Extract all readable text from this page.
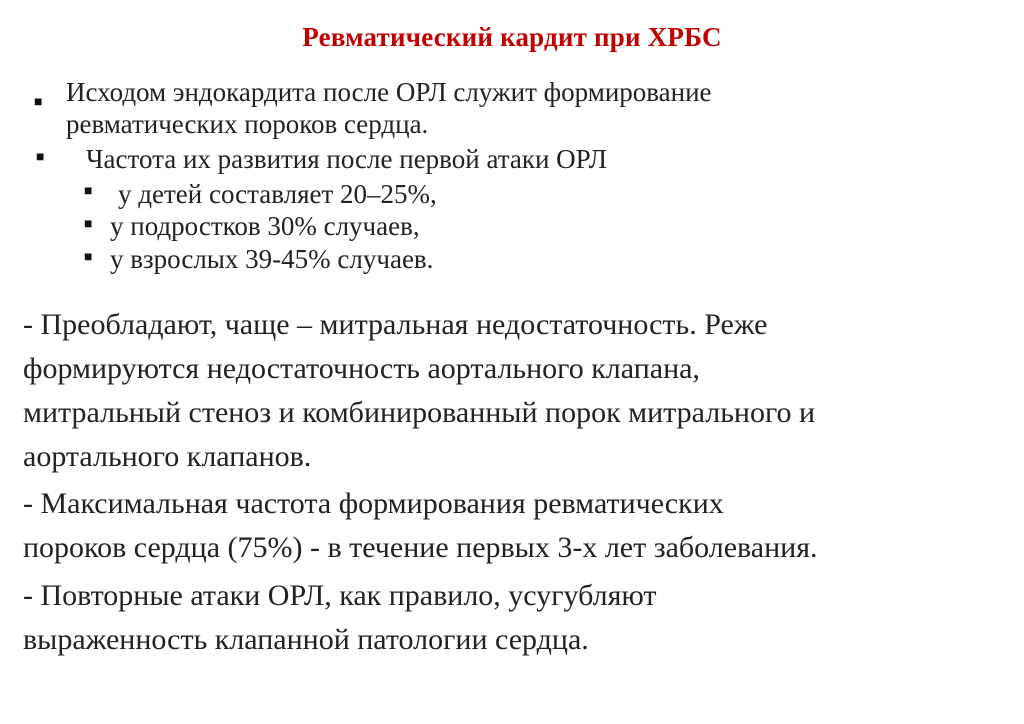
Ревматический кардит при ХРБС
■ Исходом эндокардита после ОРЛ служит формирование
ревматических пороков сердца.
■ Частота их развития после первой атаки ОРЛ
■ у детей составляет 20–25%,
■ у подростков 30% случаев,
■ у взрослых 39-45% случаев.
- Преобладают, чаще – митральная недостаточность. Реже
формируются недостаточность аортального клапана,
митральный стеноз и комбинированный порок митрального и
аортального клапанов.
- Максимальная частота формирования ревматических
пороков сердца (75%) - в течение первых 3-х лет заболевания.
- Повторные атаки ОРЛ, как правило, усугубляют
выраженность клапанной патологии сердца.
